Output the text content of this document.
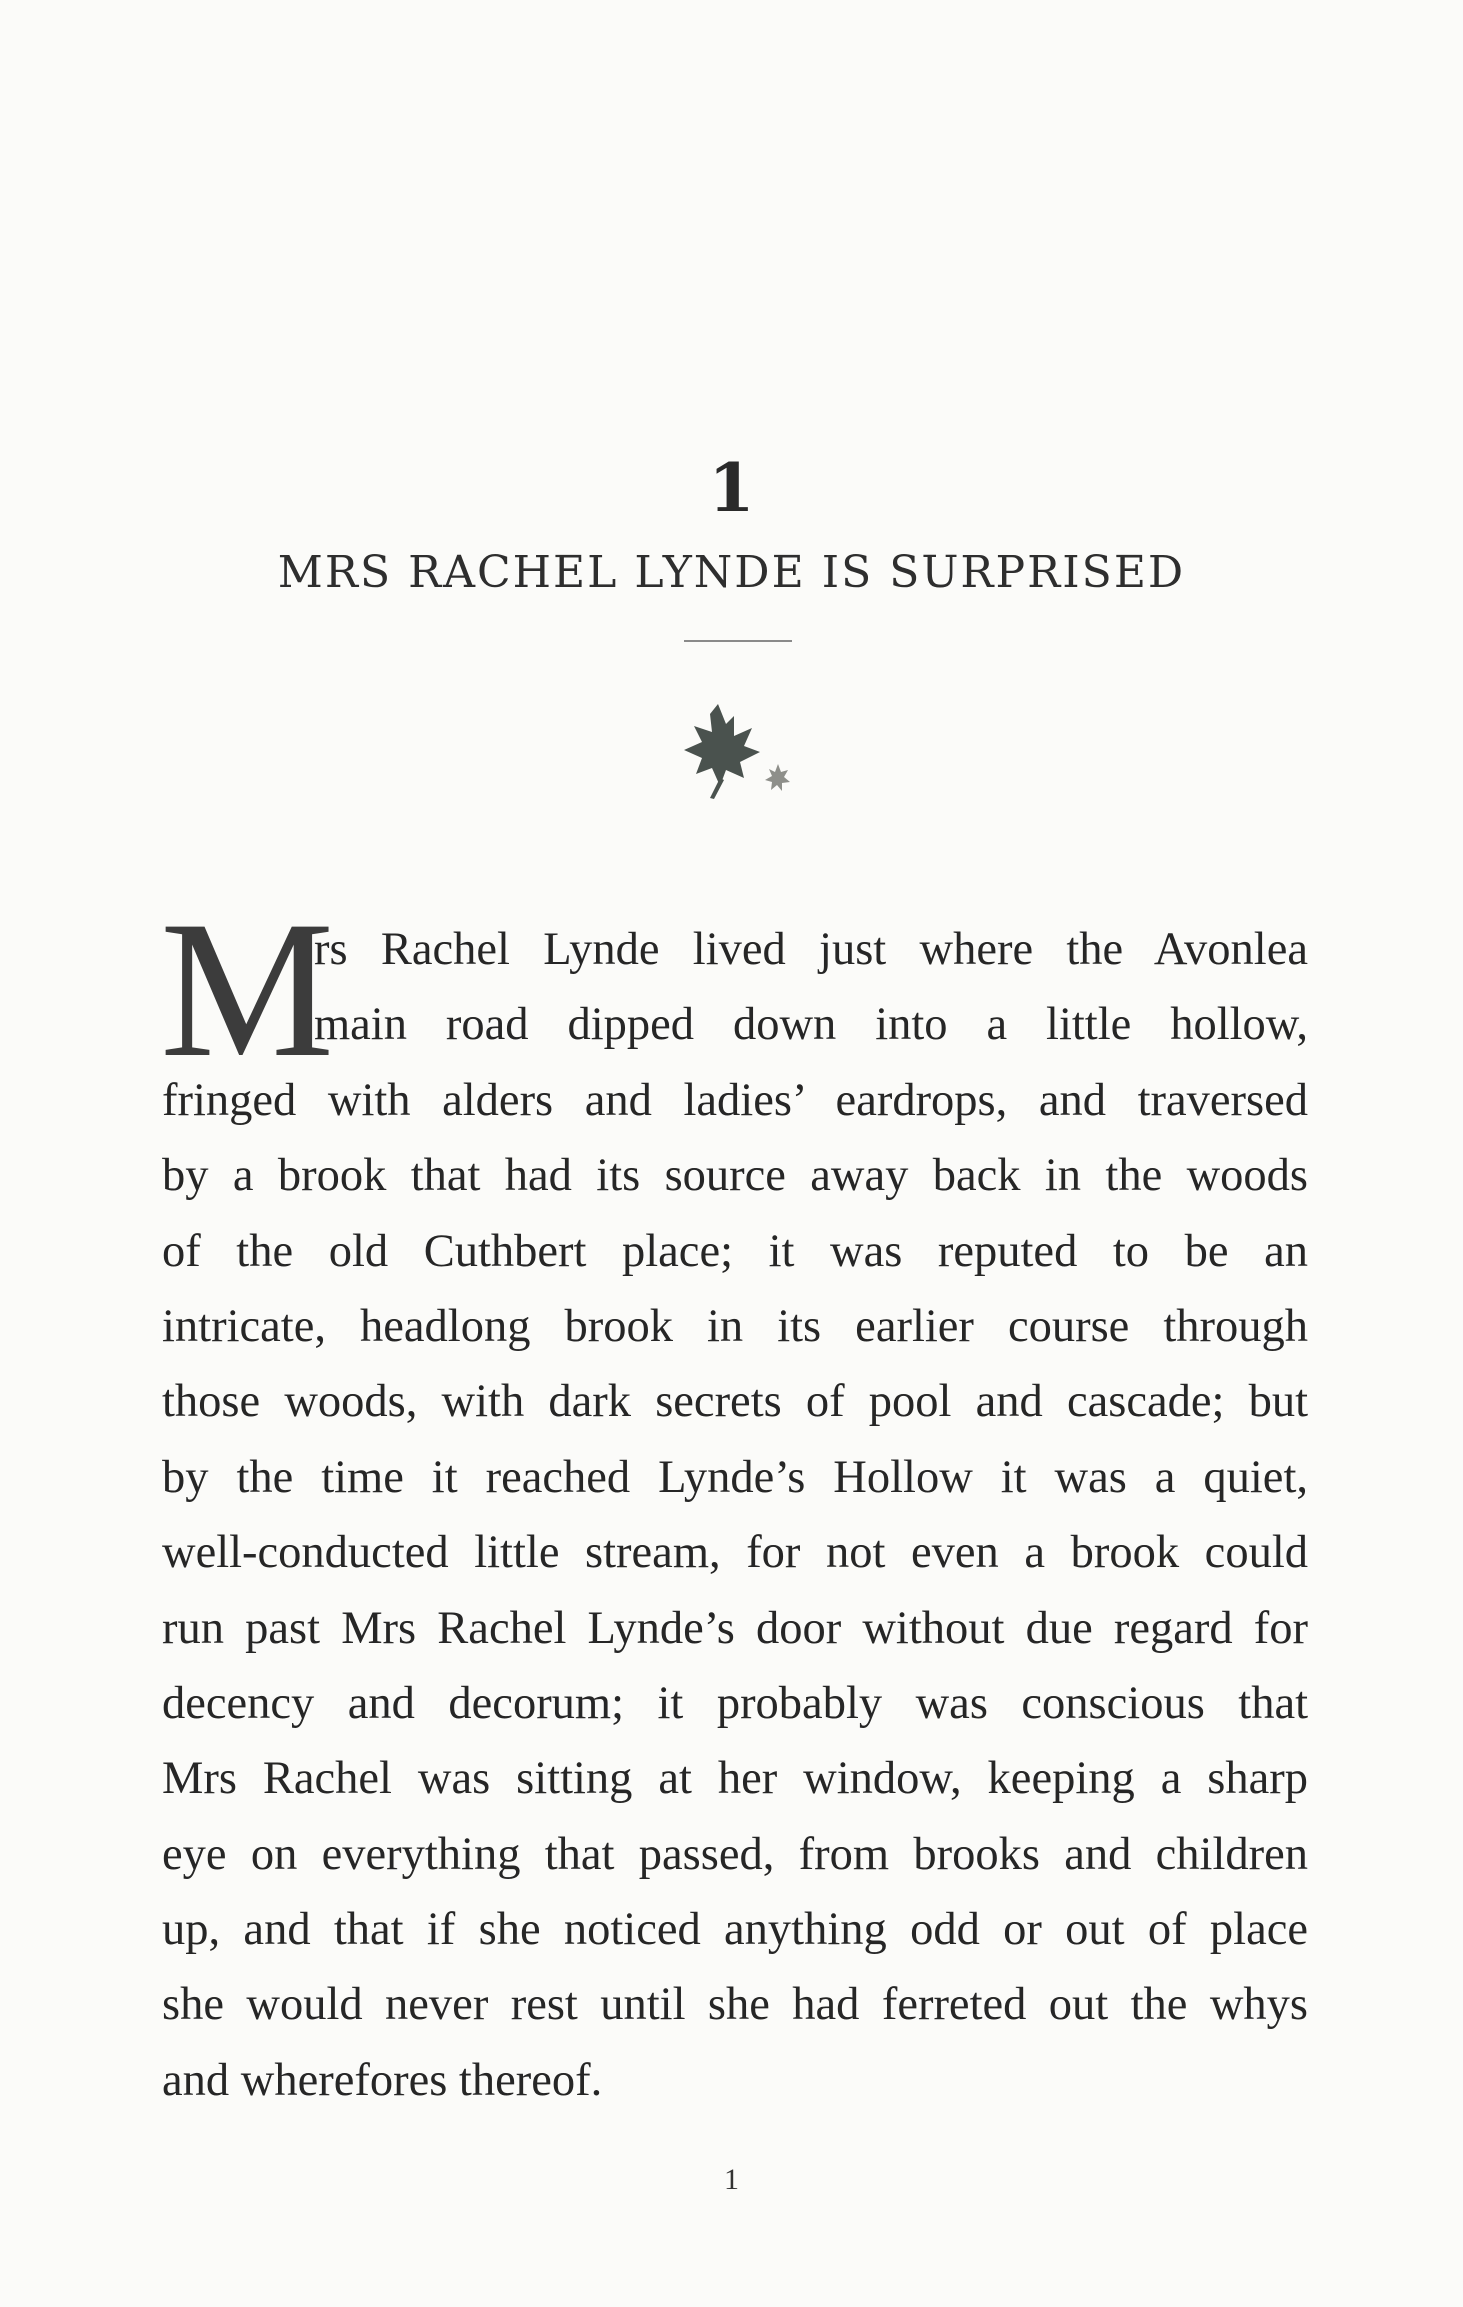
1
MRS RACHEL LYNDE IS SURPRISED
M
rs Rachel Lynde lived just where the Avonlea
main road dipped down into a little hollow,
fringed with alders and ladies’ eardrops, and traversed
by a brook that had its source away back in the woods
of the old Cuthbert place; it was reputed to be an
intricate, headlong brook in its earlier course through
those woods, with dark secrets of pool and cascade; but
by the time it reached Lynde’s Hollow it was a quiet,
well-conducted little stream, for not even a brook could
run past Mrs Rachel Lynde’s door without due regard for
decency and decorum; it probably was conscious that
Mrs Rachel was sitting at her window, keeping a sharp
eye on everything that passed, from brooks and children
up, and that if she noticed anything odd or out of place
she would never rest until she had ferreted out the whys
and wherefores thereof.
1
